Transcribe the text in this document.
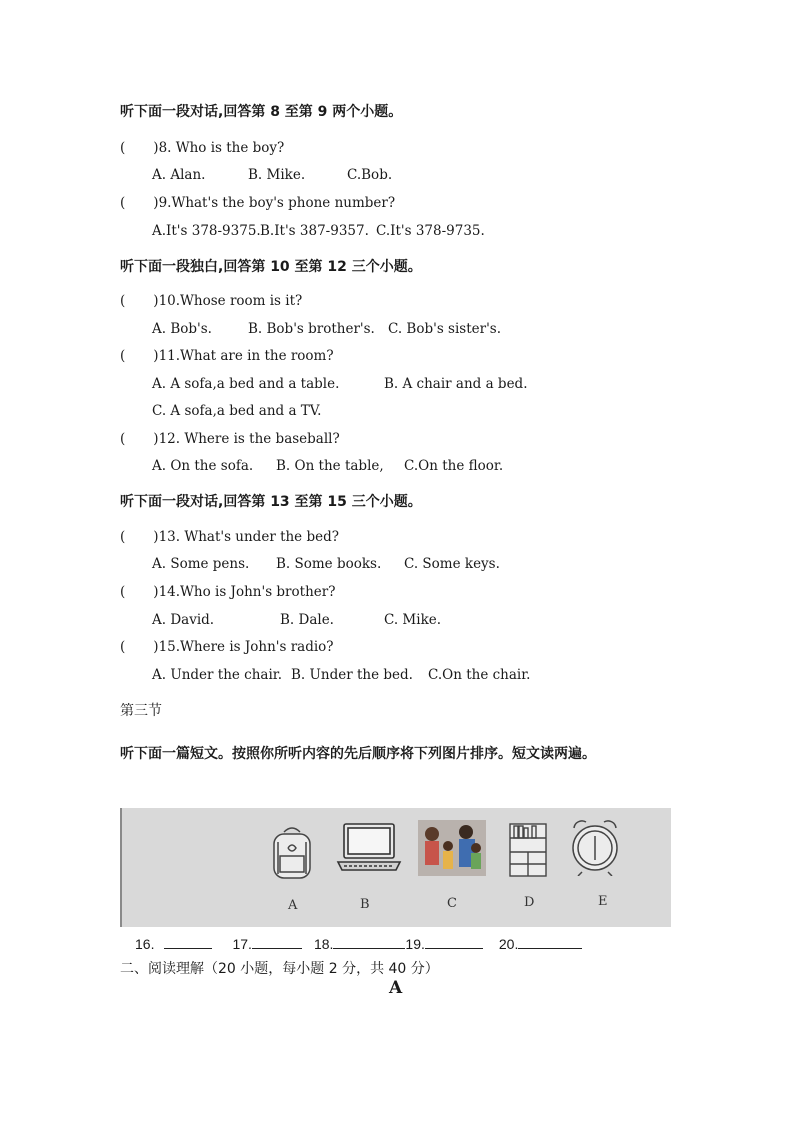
听下面一段对话,回答第 8 至第 9 两个小题。
( )8. Who is the boy?
A. Alan.	B. Mike.	C.Bob.
( )9.What's the boy's phone number?
A.It's 378-9375. B.It's 387-9357. C.It's 378-9735.
听下面一段独白,回答第 10 至第 12 三个小题。
( )10.Whose room is it?
A. Bob's.	B. Bob's brother's. C. Bob's sister's.
( )11.What are in the room?
A. A sofa,a bed and a table.	B. A chair and a bed.
C. A sofa,a bed and a TV.
( )12. Where is the baseball?
A. On the sofa. B. On the table, C.On the floor.
听下面一段对话,回答第 13 至第 15 三个小题。
( )13. What's under the bed?
A. Some pens. B. Some books. C. Some keys.
( )14.Who is John's brother?
A. David.	B. Dale.	C. Mike.
( )15.Where is John's radio?
A. Under the chair. B. Under the bed. C.On the chair.
第三节
听下面一篇短文。按照你所听内容的先后顺序将下列图片排序。短文读两遍。
A	B	C	D	E
16.	17.	18.	19.	20.
二、阅读理解（20 小题，每小题 2 分，共 40 分）
A
